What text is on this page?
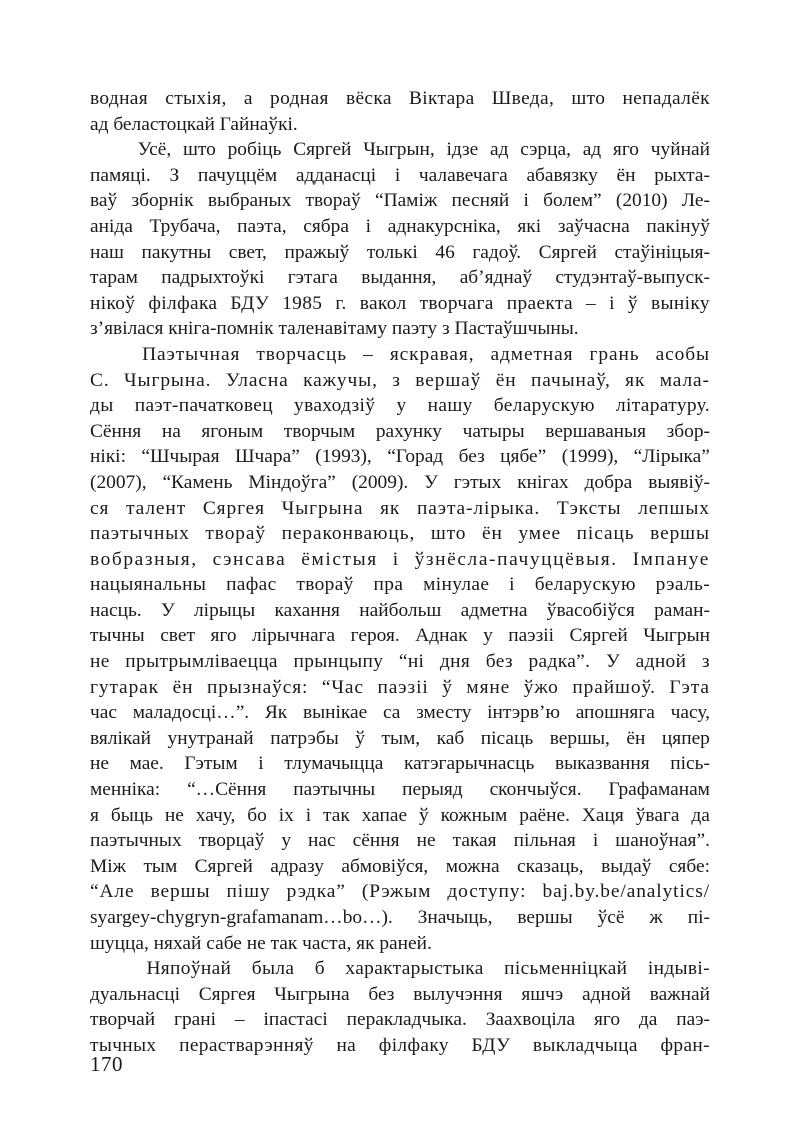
водная стыхія, а родная вёска Віктара Шведа, што непадалёк
ад беластоцкай Гайнаўкі.

Усё, што робіць Сяргей Чыгрын, ідзе ад сэрца, ад яго чуйнай
памяці. З пачуццём адданасці і чалавечага абавязку ён рыхта-
ваў зборнік выбраных твораў “Паміж песняй і болем” (2010) Ле-
аніда Трубача, паэта, сябра і аднакурсніка, які заўчасна пакінуў
наш пакутны свет, пражыў толькі 46 гадоў. Сяргей стаўініцыя-
тарам падрыхтоўкі гэтага выдання, аб’яднаў студэнтаў-выпуск-
нікоў філфака БДУ 1985 г. вакол творчага праекта – і ў выніку
з’явілася кніга-помнік таленавітаму паэту з Пастаўшчыны.

Паэтычная творчасць – яскравая, адметная грань асобы
С. Чыгрына. Уласна кажучы, з вершаў ён пачынаў, як мала-
ды паэт-пачатковец уваходзіў у нашу беларускую літаратуру.
Сёння на ягоным творчым рахунку чатыры вершаваныя збор-
нікі: “Шчырая Шчара” (1993), “Горад без цябе” (1999), “Лірыка”
(2007), “Камень Міндоўга” (2009). У гэтых кнігах добра выявіў-
ся талент Сяргея Чыгрына як паэта-лірыка. Тэксты лепшых
паэтычных твораў пераконваюць, што ён умее пісаць вершы
вобразныя, сэнсава ёмістыя і ўзнёсла-пачуццёвыя. Імпануе
нацыянальны пафас твораў пра мінулае і беларускую рэаль-
насць. У лірыцы кахання найбольш адметна ўвасобіўся раман-
тычны свет яго лірычнага героя. Аднак у паэзіі Сяргей Чыгрын
не прытрымліваецца прынцыпу “ні дня без радка”. У адной з
гутарак ён прызнаўся: “Час паэзіі ў мяне ўжо прайшоў. Гэта
час маладосці…”. Як вынікае са зместу інтэрв’ю апошняга часу,
вялікай унутранай патрэбы ў тым, каб пісаць вершы, ён цяпер
не мае. Гэтым і тлумачыцца катэгарычнасць выказвання пісь-
менніка: “…Сёння паэтычны перыяд скончыўся. Графаманам
я быць не хачу, бо іх і так хапае ў кожным раёне. Хаця ўвага да
паэтычных творцаў у нас сёння не такая пільная і шаноўная”.
Між тым Сяргей адразу абмовіўся, можна сказаць, выдаў сябе:
“Але вершы пішу рэдка” (Рэжым доступу: baj.by.be/analytics/
syargey-chygryn-grafamanam…bo…). Значыць, вершы ўсё ж пі-
шуцца, няхай сабе не так часта, як раней.

Няпоўнай была б характарыстыка пісьменніцкай індыві-
дуальнасці Сяргея Чыгрына без вылучэння яшчэ адной важнай
творчай грані – іпастасі перакладчыка. Заахвоціла яго да паэ-
тычных перастварэнняў на філфаку БДУ выкладчыца фран-

170
